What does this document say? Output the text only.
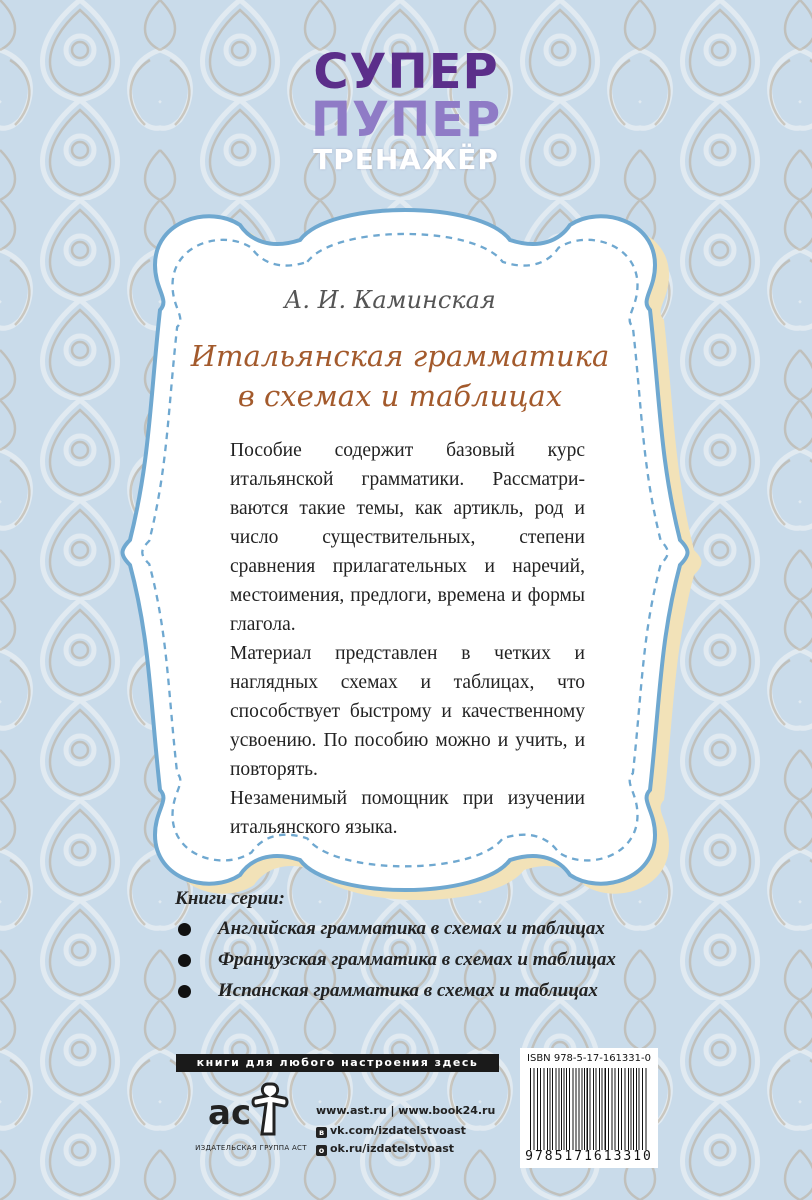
СУПЕР
ПУПЕР
ТРЕНАЖЁР
А. И. Каминская
Итальянская грамматика
в схемах и таблицах

Пособие содержит базовый курс итальянской грамматики. Рассматриваются такие темы, как артикль, род и число существительных, степени сравнения прилагательных и наречий, местоимения, предлоги, времена и формы глагола.

Материал представлен в четких и наглядных схемах и таблицах, что способствует быстрому и качественному усвоению. По пособию можно и учить, и повторять.

Незаменимый помощник при изучении итальянского языка.

Книги серии:
Английская грамматика в схемах и таблицах
Французская грамматика в схемах и таблицах
Испанская грамматика в схемах и таблицах
книги для любого настроения здесь
ac
ИЗДАТЕЛЬСКАЯ ГРУППА АСТ
www.ast.ru | www.book24.ru
в vk.com/izdatelstvoast
о ok.ru/izdatelstvoast
ISBN 978-5-17-161331-0
9785171613310
